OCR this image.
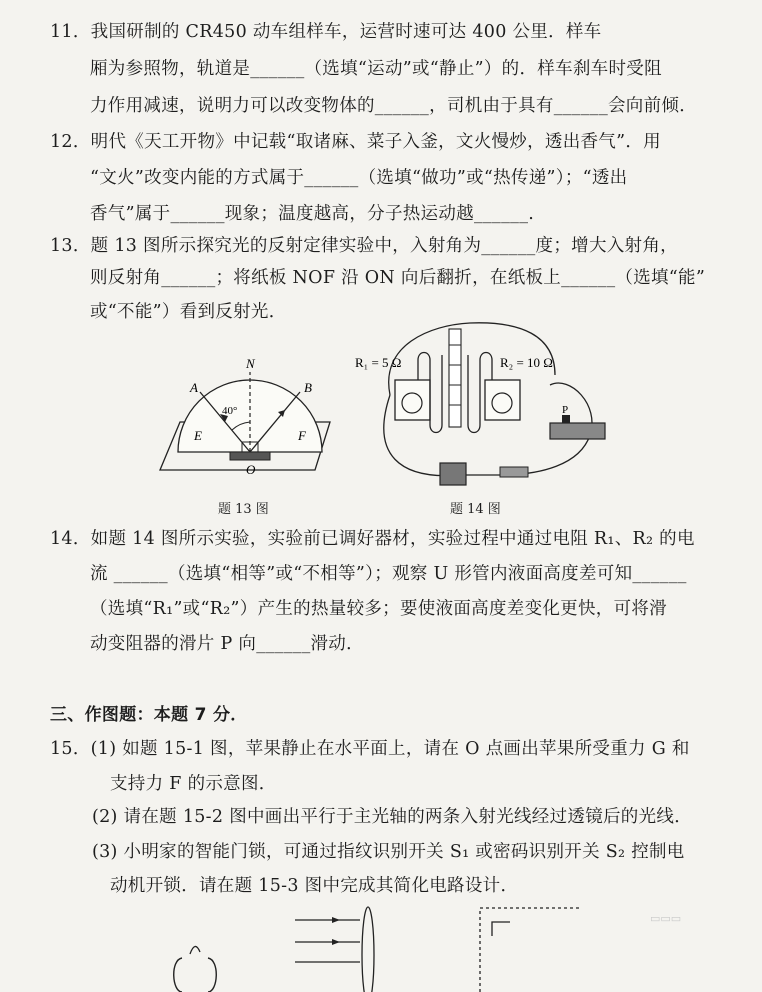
11．我国研制的 CR450 动车组样车，运营时速可达 400 公里．样车
厢为参照物，轨道是______（选填“运动”或“静止”）的．样车刹车时受阻
力作用减速，说明力可以改变物体的______，司机由于具有______会向前倾．
12．明代《天工开物》中记载“取诸麻、菜子入釜，文火慢炒，透出香气”．用
“文火”改变内能的方式属于______（选填“做功”或“热传递”）；“透出
香气”属于______现象；温度越高，分子热运动越______.
13．题 13 图所示探究光的反射定律实验中，入射角为______度；增大入射角，
则反射角______；将纸板 NOF 沿 ON 向后翻折，在纸板上______（选填“能”
或“不能”）看到反射光．
N
A	B
E	F
O
40°
题 13 图
P
R₁ = 5 Ω	R₂ = 10 Ω
题 14 图
14．如题 14 图所示实验，实验前已调好器材，实验过程中通过电阻 R₁、R₂ 的电
流 ______（选填“相等”或“不相等”）；观察 U 形管内液面高度差可知______
（选填“R₁”或“R₂”）产生的热量较多；要使液面高度差变化更快，可将滑
动变阻器的滑片 P 向______滑动．
三、作图题：本题 7 分．
15．(1) 如题 15-1 图，苹果静止在水平面上，请在 O 点画出苹果所受重力 G 和
支持力 F 的示意图．
(2) 请在题 15-2 图中画出平行于主光轴的两条入射光线经过透镜后的光线．
(3) 小明家的智能门锁，可通过指纹识别开关 S₁ 或密码识别开关 S₂ 控制电
动机开锁．请在题 15-3 图中完成其简化电路设计．
▭▭▭
